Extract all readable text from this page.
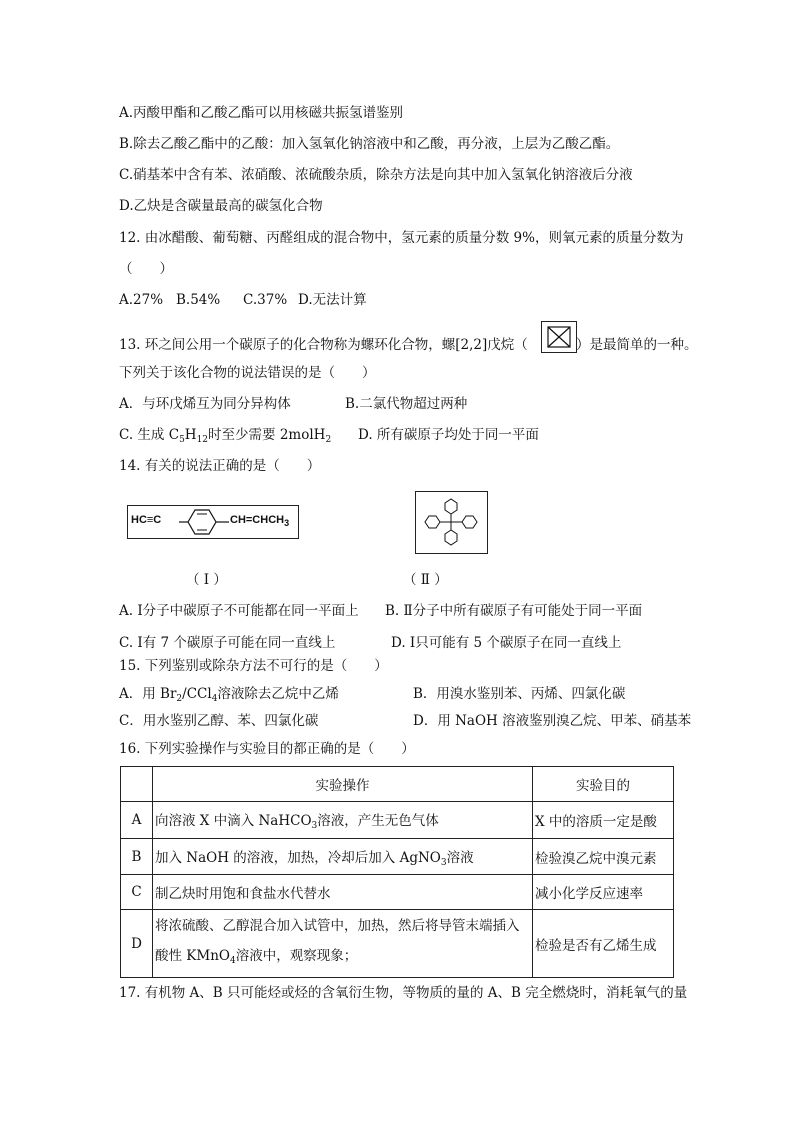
A.丙酸甲酯和乙酸乙酯可以用核磁共振氢谱鉴别
B.除去乙酸乙酯中的乙酸：加入氢氧化钠溶液中和乙酸，再分液，上层为乙酸乙酯。
C.硝基苯中含有苯、浓硝酸、浓硫酸杂质，除杂方法是向其中加入氢氧化钠溶液后分液
D.乙炔是含碳量最高的碳氢化合物
12. 由冰醋酸、葡萄糖、丙醛组成的混合物中，氢元素的质量分数 9%，则氧元素的质量分数为
（　　）
A.27% B.54% C.37% D.无法计算
13. 环之间公用一个碳原子的化合物称为螺环化合物，螺[2,2]戊烷（	）是最简单的一种。
下列关于该化合物的说法错误的是（　　）
A．与环戊烯互为同分异构体	B.二氯代物超过两种
C. 生成 $C_5H_{12}$时至少需要 2molH$_2$ D. 所有碳原子均处于同一平面
14. 有关的说法正确的是（　　）
HC≡C	$CH=CHCH_3$
（ Ⅰ ）	（ Ⅱ ）
A. Ⅰ分子中碳原子不可能都在同一平面上 B. Ⅱ分子中所有碳原子有可能处于同一平面
C. Ⅰ有 7 个碳原子可能在同一直线上	D. Ⅰ只可能有 5 个碳原子在同一直线上
15. 下列鉴别或除杂方法不可行的是（　　）
A．用 $Br_2/CCl_4$溶液除去乙烷中乙烯	B．用溴水鉴别苯、丙烯、四氯化碳
C．用水鉴别乙醇、苯、四氯化碳	D．用 NaOH 溶液鉴别溴乙烷、甲苯、硝基苯
16. 下列实验操作与实验目的都正确的是（　　）
	实验操作	实验目的
A	向溶液 X 中滴入 NaHCO$_3$溶液，产生无色气体	X 中的溶质一定是酸
B	加入 NaOH 的溶液，加热，冷却后加入 AgNO$_3$溶液	检验溴乙烷中溴元素
C	制乙炔时用饱和食盐水代替水	减小化学反应速率
D	将浓硫酸、乙醇混合加入试管中，加热，然后将导管末端插入
酸性 KMnO$_4$溶液中，观察现象；	检验是否有乙烯生成
17. 有机物 A、B 只可能烃或烃的含氧衍生物，等物质的量的 A、B 完全燃烧时，消耗氧气的量
